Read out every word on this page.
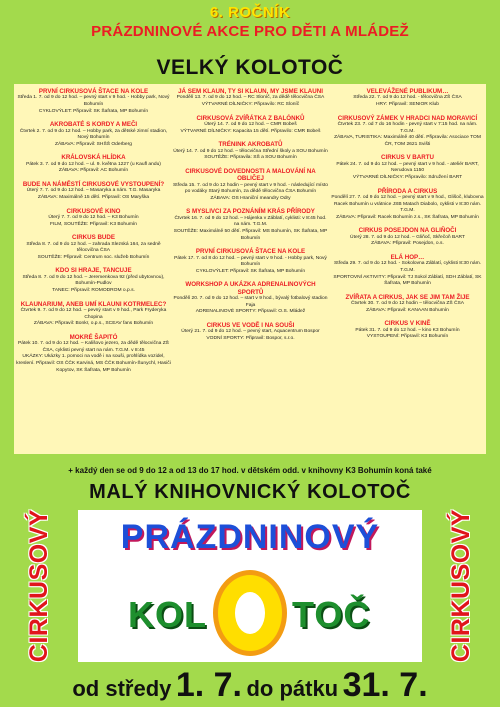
6. ROČNÍK
PRÁZDNINOVÉ AKCE PRO DĚTI A MLÁDEŽ
VELKÝ KOLOTOČ
PRVNÍ CIRKUSOVÁ ŠTACE NA KOLE
Středa 1. 7. od 9 do 12 hod. – pevný start v 9 hod. - Hobby park, Nový Bohumín
CYKLOVÝLET: Připravil: SK Šafrata, MP Bohumín
AKROBATÉ S KORDY A MEČI
Čtvrtek 2. 7. od 9 do 12 hod. – Hobby park, za dětské zimní stadion, Nový Bohumín
ZÁBAVA: Připravil: SHŠŠ Oderberg
KRÁLOVSKÁ HLÍDKA
Pátek 3. 7. od 9 do 12 hod. – ul. 9. května 1227 (u Kaufl andu)
ZÁBAVA: Připravil: AC Bohumín
BUDE NA NÁMĚSTÍ CIRKUSOVÉ VYSTOUPENÍ?
Úterý 7. 7. od 9 do 12 hod. – Masaryka a nám. T.G. Masaryka
ZÁBAVA: Maximálně 15 dětí. Připravil: OS Maryška
CIRKUSOVÉ KINO
Úterý 7. 7. od 9 do 12 hod. – K3 Bohumín
FILM, SOUTĚŽE: Připravil: K3 Bohumín
CIRKUS BUDE
Středa 8. 7. od 9 do 12 hod. – zahrada Slezská 164, za sedně tělocvična ČSA
SOUTĚŽE: Připravil: Centrum soc. služeb Bohumín
KDO SI HRAJE, TANCUJE
Středa 8. 7. od 9 do 12 hod. – Jeremenkova 92 (před ubytovnou), Bohumín-Pudlov
TANEC: Připravil: ROMODROM o.p.s.
KLAUNARIUM, ANEB UMÍ KLAUNI KOTRMELEC?
Čtvrtek 9. 7. od 9 do 12 hod. – pevný start v 9 hod., Park Fryderyka Chopina
ZÁBAVA: Připravil: Bonkr, o.p.s., SCEAV fans Bohumín
MOKRÉ ŠAPITÓ
Pátek 10. 7. od 9 do 12 hod. – Kališovo jezero, za dědě tělocvična ZŠ ČSA, cyklisti pevný start na nám. T.G.M. v 8:45
UKÁZKY: Ukázky 1. pomoci na vodě i na souši, prohlídka vozidel, kreslení. Připravil: OS ČČK Karviná, MS ČČK Bohumín-Šunychl, Hasiči Kopytov, SK Šafrata, MP Bohumín
JÁ SEM KLAUN, TY SI KLAUN, MY JSME KLAUNI
Pondělí 13. 7. od 9 do 12 hod. – RC Sloníč, za dědě tělocvična ČSA
VÝTVARNÉ DÍLNIČKY: Připravilo: RC Sloníč
CIRKUSOVÁ ZVÍŘÁTKA Z BALÓNKŮ
Úterý 14. 7. od 9 do 12 hod. – CMR Bobeš
VÝTVARNÉ DÍLNIČKY: Kapacita 15 dětí. Připravilo: CMR Bobeš
TRÉNINK AKROBATŮ
Úterý 14. 7. od 9 do 12 hod. – tělocvična Střední školy a SOU Bohumín
SOUTĚŽE: Připravila: SŠ a SOU Bohumín
CIRKUSOVÉ DOVEDNOSTI A MALOVÁNÍ NA OBLIČEJ
Středa 15. 7. od 9 do 12 hodin – pevný start v 9 hod. - následující místo po vodáky Starý Bohumín, za dědě tělocvična ČSA Bohumín
ZÁBAVA: OS Hraniční meandry Odry
S MYSLIVCI ZA POZNÁNÍM KRÁS PŘÍRODY
Čtvrtek 16. 7. od 9 do 12 hod. – Hájenka v Záblatí, cyklisti: v 8:45 hod. na nám. T.G.M.
SOUTĚŽE: Maximálně 50 dětí. Připravil: MS Bohumín, SK Šafrata, MP Bohumín
PRVNÍ CIRKUSOVÁ ŠTACE NA KOLE
Pátek 17. 7. od 8 do 12 hod. – pevný start v 9 hod. - Hobby park, Nový Bohumín
CYKLOVÝLET: Připravil: SK Šafrata, MP Bohumín
WORKSHOP A UKÁZKA ADRENALINOVÝCH SPORTŮ
Pondělí 20. 7. od 9 do 12 hod. – start v 9 hod., bývalý fotbalový stadion Faja
ADRENALINOVÉ SPORTY: Připravil: O.S. Mládež
CIRKUS VE VODĚ I NA SOUŠI
Úterý 21. 7. od 9 do 12 hod. – pevný start, Aquacentrum Bospor
VODNÍ SPORTY: Připravil: Bospor, s.r.o.
VELEVÁŽENÉ PUBLIKUM…
Středa 22. 7. od 9 do 12 hod. - tělocvična ZŠ ČSA
HRY: Připravil: SENIOR Klub
CIRKUSOVÝ ZÁMEK V HRADCI NAD MORAVICÍ
Čtvrtek 23. 7. od 7 do 16 hodin - pevný start v 7:15 hod. na nám. T.G.M.
ZÁBAVA, TURISTIKA: Maximálně 40 dětí. Připravila: Asociace TOM ČR, TOM 2621 Svišti
CIRKUS V BARTU
Pátek 24. 7. od 9 do 12 hod. – pevný start v 9 hod. - ateliér BART, Nerudova 1150
VÝTVARNÉ DÍLNIČKY: Připravilo: Sdružení BART
PŘÍRODA A CIRKUS
Pondělí 27. 7. od 9 do 12 hod. – pevný start v 9 hod., Glišoč, klubovna Racek Bohumín u vrátnice JSB Matach Diabolo, cyklisti v 8:30 nám. T.G.M.
ZÁBAVA: Připravil: Racek Bohumín z.s., SK Šafrata, MP Bohumín
CIRKUS POSEJDON NA GLIŇOČI
Úterý 28. 7. od 9 do 12 hod. – Gliňoč, Skřečoň BART
ZÁBAVA: Připravil: Posejdon, o.s.
ELÁ HOP…
Středa 29. 7. od 9 do 12 hod. - Sokolovna Záblatí, cyklisti 8:30 nám. T.G.M.
SPORTOVNÍ AKTIVITY: Připravil: TJ Sokol Záblatí, SDH Záblatí, SK Šafrata, MP Bohumín
ZVÍŘATA A CIRKUS, JAK SE JIM TAM ŽIJE
Čtvrtek 30. 7. od 9 do 12 hodin – tělocvična ZŠ ČSA
ZÁBAVA: Připravil: KANAAN Bohumín
CIRKUS V KINĚ
Pátek 31. 7. od 9 do 12 hod. – kino K3 Bohumín
VYSTOUPENÍ: Připravil: K3 Bohumín
+ každý den se od 9 do 12 a od 13 do 17 hod. v dětském odd. v knihovny K3 Bohumín koná také
MALÝ KNIHOVNICKÝ KOLOTOČ
CIRKUSOVÝ	CIRKUSOVÝ
PRÁZDNINOVÝ
KOL TOČ
od středy 1. 7. do pátku 31. 7.
